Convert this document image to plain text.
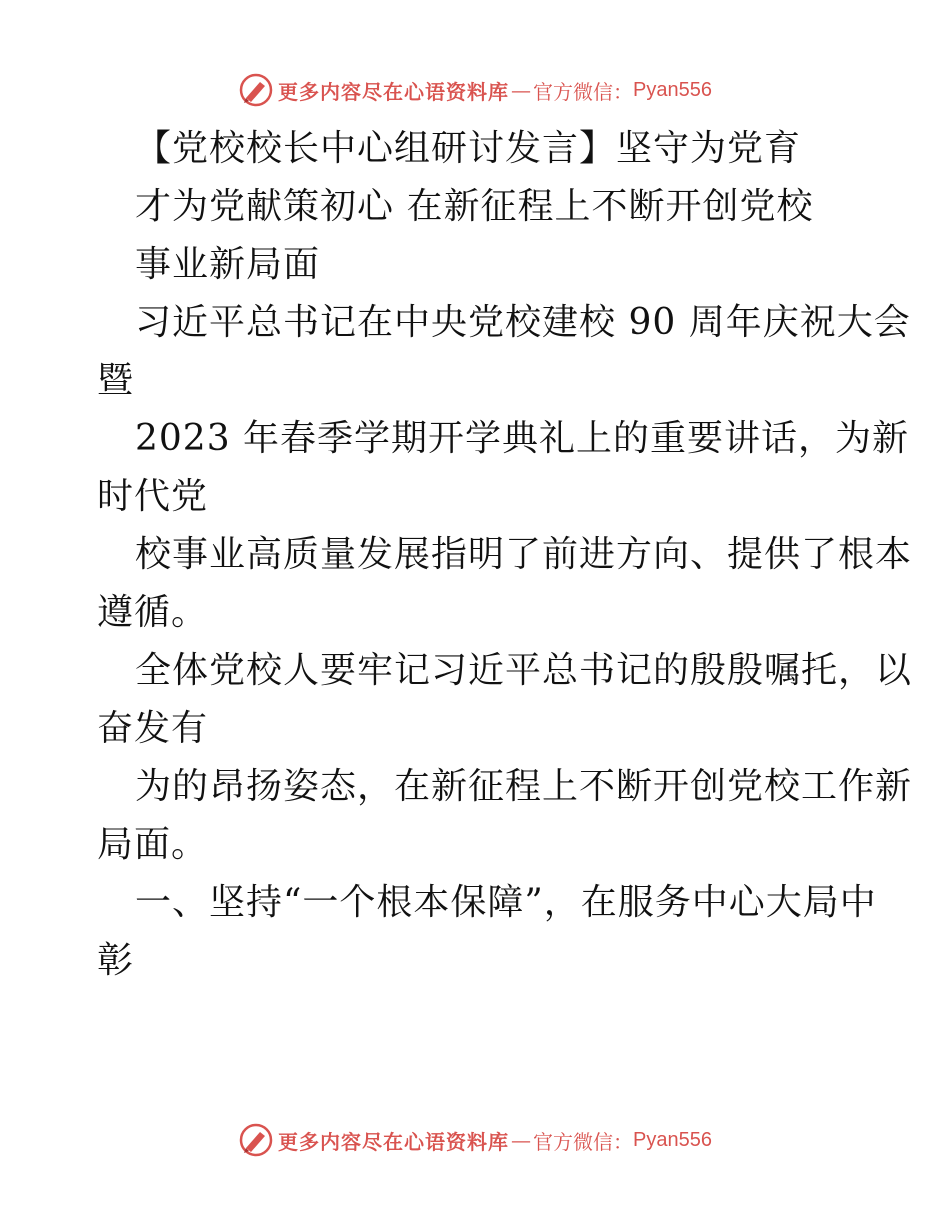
更多内容尽在心语资料库 — 官方微信： Pyan556
【党校校长中心组研讨发言】坚守为党育
才为党献策初心 在新征程上不断开创党校
事业新局面
习近平总书记在中央党校建校 90 周年庆祝大会
暨
2023 年春季学期开学典礼上的重要讲话，为新
时代党
校事业高质量发展指明了前进方向、提供了根本
遵循。
全体党校人要牢记习近平总书记的殷殷嘱托，以
奋发有
为的昂扬姿态，在新征程上不断开创党校工作新
局面。
一、坚持“一个根本保障”，在服务中心大局中
彰
更多内容尽在心语资料库 — 官方微信： Pyan556
